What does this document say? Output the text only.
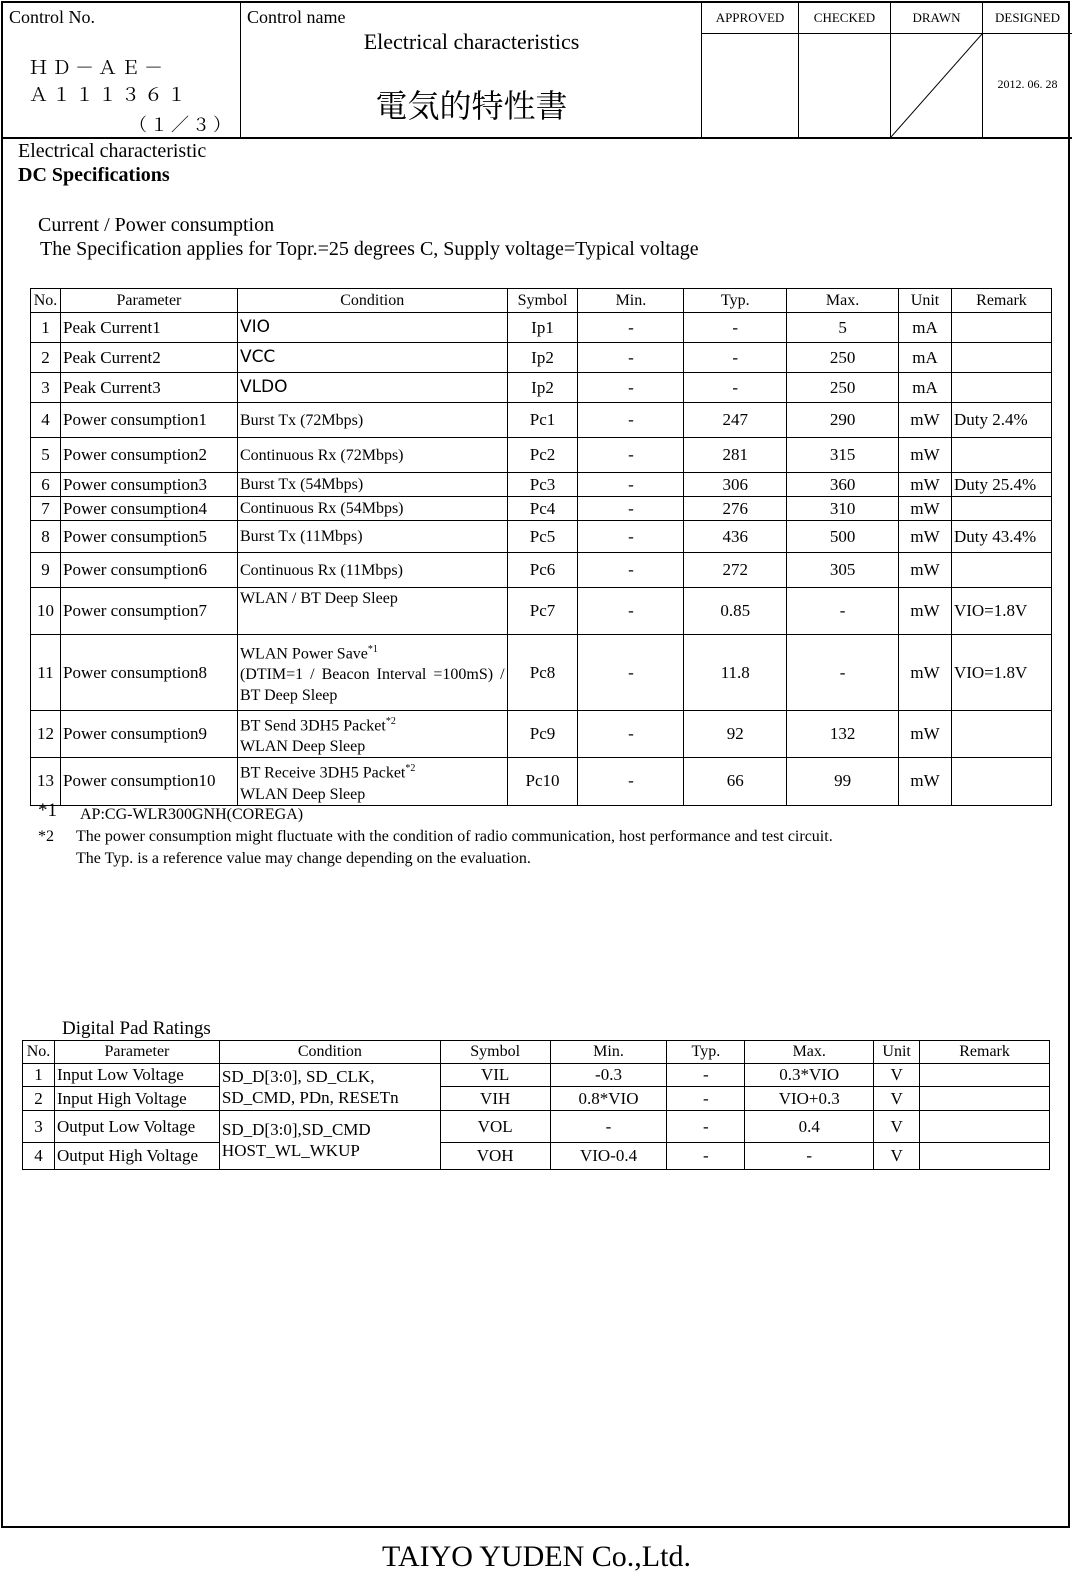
Control No.
ＨＤ－ＡＥ－
Ａ１１１３６１
（１／３）
Control name
Electrical characteristics
電気的特性書
APPROVED	CHECKED	DRAWN	DESIGNED
2012. 06. 28
Electrical characteristic
DC Specifications
Current / Power consumption
The Specification applies for Topr.=25 degrees C, Supply voltage=Typical voltage
No.	Parameter	Condition	Symbol	Min.	Typ.	Max.	Unit	Remark
1	Peak Current1	VIO	Ip1	-	-	5	mA	
2	Peak Current2	VCC	Ip2	-	-	250	mA	
3	Peak Current3	VLDO	Ip2	-	-	250	mA	
4	Power consumption1	Burst Tx (72Mbps)	Pc1	-	247	290	mW	Duty 2.4%
5	Power consumption2	Continuous Rx (72Mbps)	Pc2	-	281	315	mW	
6	Power consumption3	Burst Tx (54Mbps)	Pc3	-	306	360	mW	Duty 25.4%
7	Power consumption4	Continuous Rx (54Mbps)	Pc4	-	276	310	mW	
8	Power consumption5	Burst Tx (11Mbps)	Pc5	-	436	500	mW	Duty 43.4%
9	Power consumption6	Continuous Rx (11Mbps)	Pc6	-	272	305	mW	
10	Power consumption7	WLAN / BT Deep Sleep	Pc7	-	0.85	-	mW	VIO=1.8V
11	Power consumption8	WLAN Power Save$^{*1}$

(DTIM=1 / Beacon Interval =100mS) / BT Deep Sleep	Pc8	-	11.8	-	mW	VIO=1.8V
12	Power consumption9	BT Send 3DH5 Packet$^{*2}$
WLAN Deep Sleep	Pc9	-	92	132	mW	
13	Power consumption10	BT Receive 3DH5 Packet$^{*2}$
WLAN Deep Sleep	Pc10	-	66	99	mW	
*1 AP:CG-WLR300GNH(COREGA)
*2 The power consumption might fluctuate with the condition of radio communication, host performance and test circuit.
The Typ. is a reference value may change depending on the evaluation.
Digital Pad Ratings
No.	Parameter	Condition	Symbol	Min.	Typ.	Max.	Unit	Remark
1	Input Low Voltage	SD_D[3:0], SD_CLK,
SD_CMD, PDn, RESETn	VIL	-0.3	-	0.3*VIO	V	
2	Input High Voltage		VIH	0.8*VIO	-	VIO+0.3	V	
3	Output Low Voltage	SD_D[3:0],SD_CMD
HOST_WL_WKUP	VOL	-	-	0.4	V	
4	Output High Voltage		VOH	VIO-0.4	-	-	V	
TAIYO YUDEN Co.,Ltd.
